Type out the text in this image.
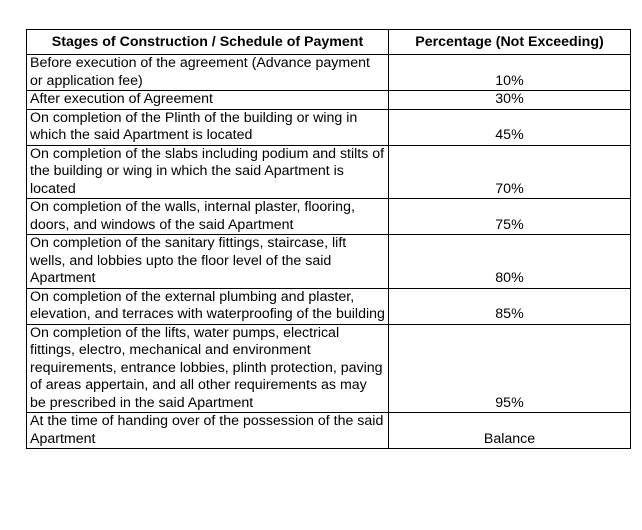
Stages of Construction / Schedule of Payment	Percentage (Not Exceeding)
Before execution of the agreement (Advance payment or application fee)	10%
After execution of Agreement	30%
On completion of the Plinth of the building or wing in which the said Apartment is located	45%
On completion of the slabs including podium and stilts of the building or wing in which the said Apartment is located	70%
On completion of the walls, internal plaster, flooring, doors, and windows of the said Apartment	75%
On completion of the sanitary fittings, staircase, lift wells, and lobbies upto the floor level of the said Apartment	80%
On completion of the external plumbing and plaster, elevation, and terraces with waterproofing of the building	85%
On completion of the lifts, water pumps, electrical fittings, electro, mechanical and environment requirements, entrance lobbies, plinth protection, paving of areas appertain, and all other requirements as may be prescribed in the said Apartment	95%
At the time of handing over of the possession of the said Apartment	Balance
